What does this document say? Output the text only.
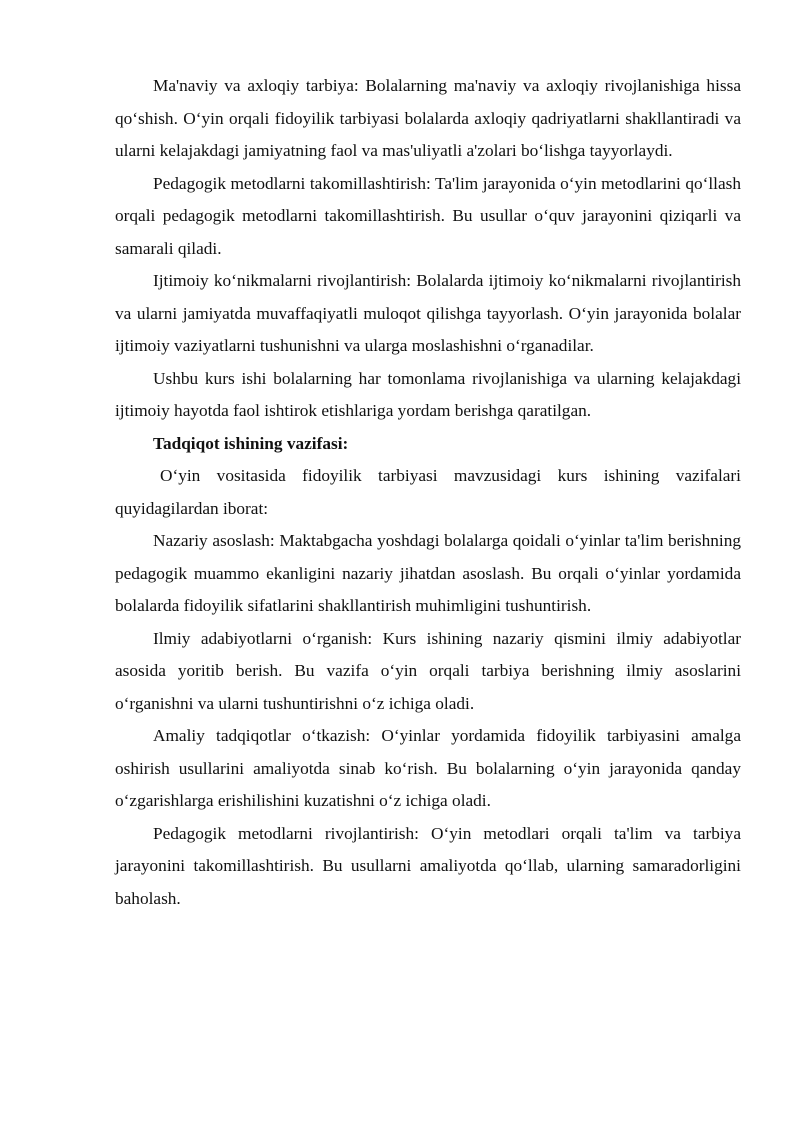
Ma'naviy va axloqiy tarbiya: Bolalarning ma'naviy va axloqiy rivojlanishiga hissa qo‘shish. O‘yin orqali fidoyilik tarbiyasi bolalarda axloqiy qadriyatlarni shakllantiradi va ularni kelajakdagi jamiyatning faol va mas'uliyatli a'zolari bo‘lishga tayyorlaydi.

Pedagogik metodlarni takomillashtirish: Ta'lim jarayonida o‘yin metodlarini qo‘llash orqali pedagogik metodlarni takomillashtirish. Bu usullar o‘quv jarayonini qiziqarli va samarali qiladi.

Ijtimoiy ko‘nikmalarni rivojlantirish: Bolalarda ijtimoiy ko‘nikmalarni rivojlantirish va ularni jamiyatda muvaffaqiyatli muloqot qilishga tayyorlash. O‘yin jarayonida bolalar ijtimoiy vaziyatlarni tushunishni va ularga moslashishni o‘rganadilar.

Ushbu kurs ishi bolalarning har tomonlama rivojlanishiga va ularning kelajakdagi ijtimoiy hayotda faol ishtirok etishlariga yordam berishga qaratilgan.

Tadqiqot ishining vazifasi:

O‘yin vositasida fidoyilik tarbiyasi mavzusidagi kurs ishining vazifalari quyidagilardan iborat:

Nazariy asoslash: Maktabgacha yoshdagi bolalarga qoidali o‘yinlar ta'lim berishning pedagogik muammo ekanligini nazariy jihatdan asoslash. Bu orqali o‘yinlar yordamida bolalarda fidoyilik sifatlarini shakllantirish muhimligini tushuntirish.

Ilmiy adabiyotlarni o‘rganish: Kurs ishining nazariy qismini ilmiy adabiyotlar asosida yoritib berish. Bu vazifa o‘yin orqali tarbiya berishning ilmiy asoslarini o‘rganishni va ularni tushuntirishni o‘z ichiga oladi.

Amaliy tadqiqotlar o‘tkazish: O‘yinlar yordamida fidoyilik tarbiyasini amalga oshirish usullarini amaliyotda sinab ko‘rish. Bu bolalarning o‘yin jarayonida qanday o‘zgarishlarga erishilishini kuzatishni o‘z ichiga oladi.

Pedagogik metodlarni rivojlantirish: O‘yin metodlari orqali ta'lim va tarbiya jarayonini takomillashtirish. Bu usullarni amaliyotda qo‘llab, ularning samaradorligini baholash.
